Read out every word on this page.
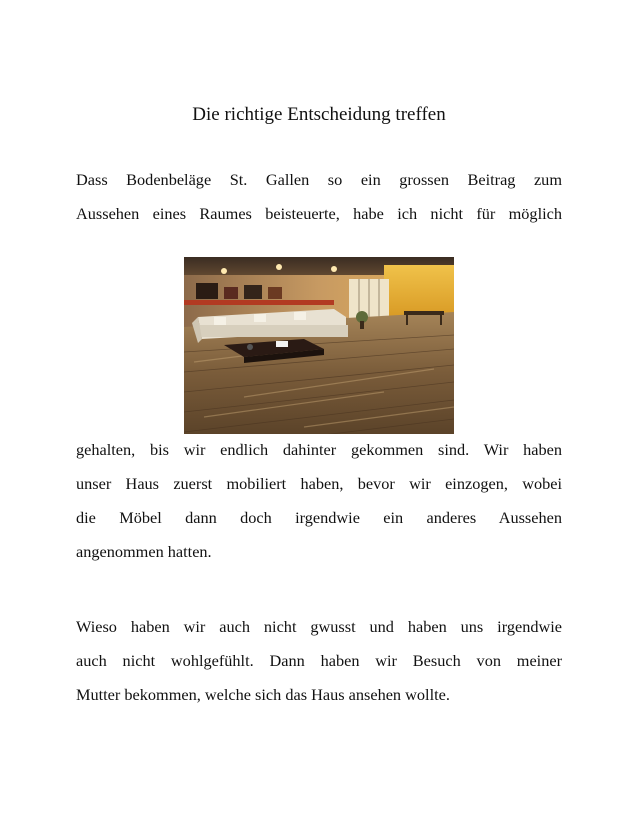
Die richtige Entscheidung treffen

Dass Bodenbeläge St. Gallen so ein grossen Beitrag zum
Aussehen eines Raumes beisteuerte, habe ich nicht für möglich

gehalten, bis wir endlich dahinter gekommen sind. Wir haben
unser Haus zuerst mobiliert haben, bevor wir einzogen, wobei
die Möbel dann doch irgendwie ein anderes Aussehen
angenommen hatten.

Wieso haben wir auch nicht gwusst und haben uns irgendwie
auch nicht wohlgefühlt. Dann haben wir Besuch von meiner
Mutter bekommen, welche sich das Haus ansehen wollte.
